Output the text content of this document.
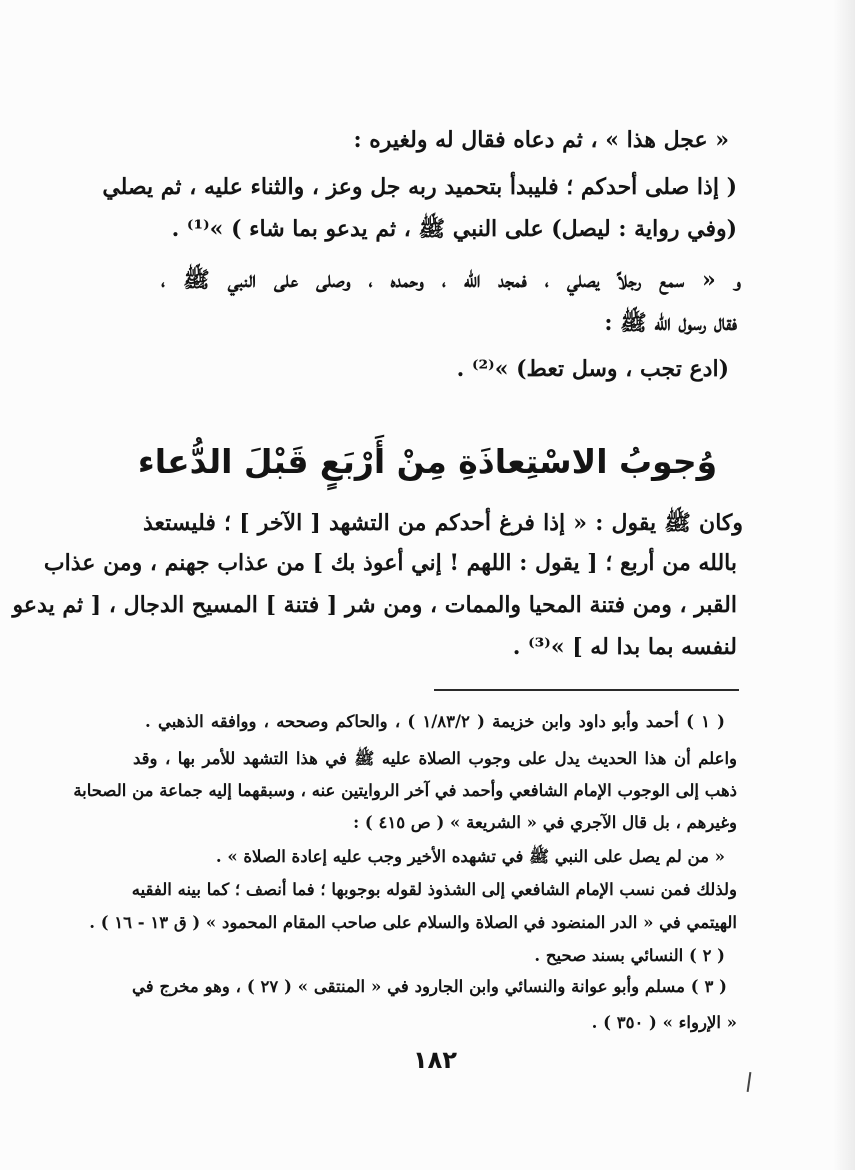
« عجل هذا » ، ثم دعاه فقال له ولغيره :
( إذا صلى أحدكم ؛ فليبدأ بتحميد ربه جل وعز ، والثناء عليه ، ثم يصلي
(وفي رواية : ليصل) على النبي ﷺ ، ثم يدعو بما شاء ) »⁽¹⁾ .
و « سمع رجلاً يصلي ، فمجد الله ، وحمده ، وصلى على النبي ﷺ ،
فقال رسول الله ﷺ :
(ادع تجب ، وسل تعط) »⁽²⁾ .
وُجوبُ الاسْتِعاذَةِ مِنْ أَرْبَعٍ قَبْلَ الدُّعاء
وكان ﷺ يقول : « إذا فرغ أحدكم من التشهد [ الآخر ] ؛ فليستعذ
بالله من أربع ؛ [ يقول : اللهم ! إني أعوذ بك ] من عذاب جهنم ، ومن عذاب
القبر ، ومن فتنة المحيا والممات ، ومن شر [ فتنة ] المسيح الدجال ، [ ثم يدعو
لنفسه بما بدا له ] »⁽³⁾ .
( ١ ) أحمد وأبو داود وابن خزيمة ( ١/٨٣/٢ ) ، والحاكم وصححه ، ووافقه الذهبي .
واعلم أن هذا الحديث يدل على وجوب الصلاة عليه ﷺ في هذا التشهد للأمر بها ، وقد
ذهب إلى الوجوب الإمام الشافعي وأحمد في آخر الروايتين عنه ، وسبقهما إليه جماعة من الصحابة
وغيرهم ، بل قال الآجري في « الشريعة » ( ص ٤١٥ ) :
« من لم يصل على النبي ﷺ في تشهده الأخير وجب عليه إعادة الصلاة » .
ولذلك فمن نسب الإمام الشافعي إلى الشذوذ لقوله بوجوبها ؛ فما أنصف ؛ كما بينه الفقيه
الهيتمي في « الدر المنضود في الصلاة والسلام على صاحب المقام المحمود » ( ق ١٣ - ١٦ ) .
( ٢ ) النسائي بسند صحيح .
( ٣ ) مسلم وأبو عوانة والنسائي وابن الجارود في « المنتقى » ( ٢٧ ) ، وهو مخرج في
« الإرواء » ( ٣٥٠ ) .
١٨٢
